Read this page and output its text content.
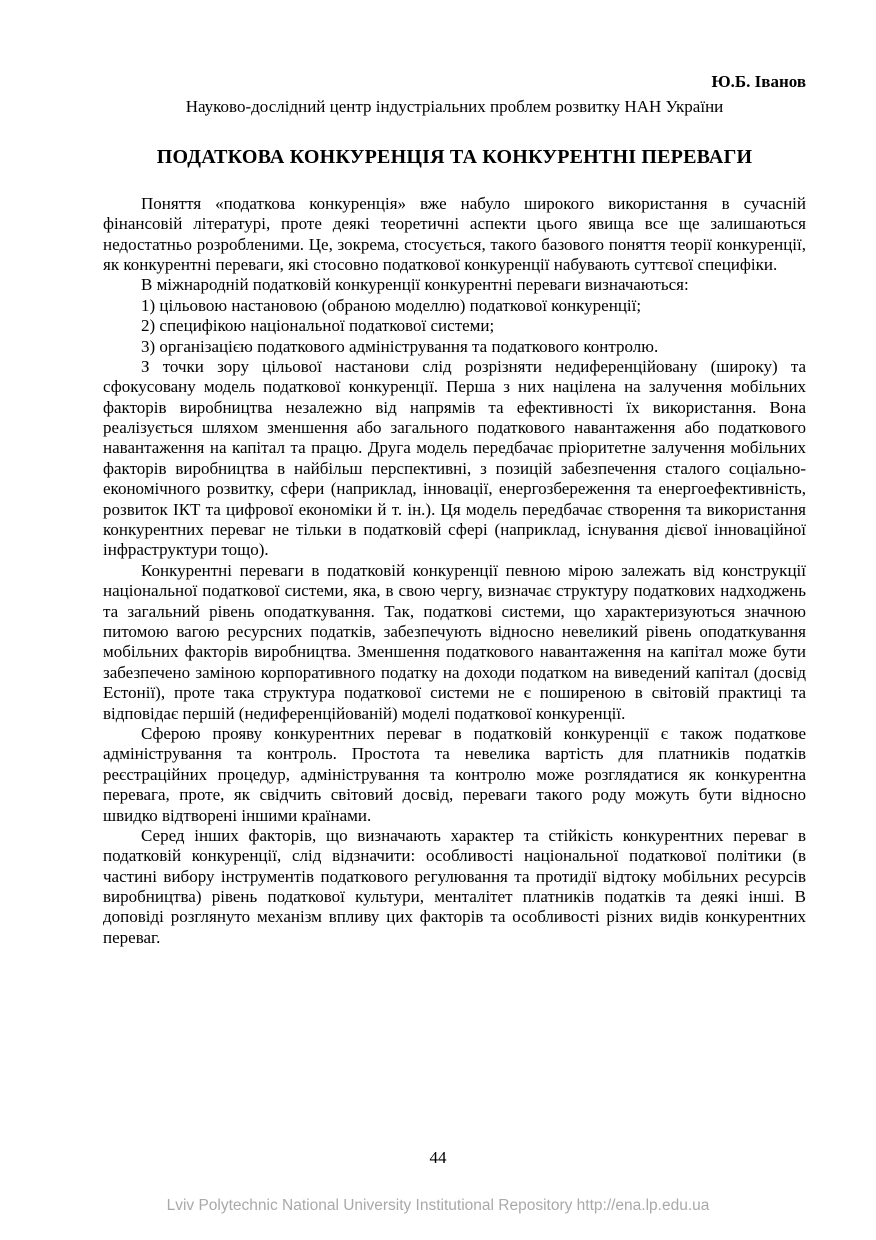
Ю.Б. Іванов
Науково-дослідний центр індустріальних проблем розвитку НАН України
ПОДАТКОВА КОНКУРЕНЦІЯ ТА КОНКУРЕНТНІ ПЕРЕВАГИ

Поняття «податкова конкуренція» вже набуло широкого використання в сучасній фінансовій літературі, проте деякі теоретичні аспекти цього явища все ще залишаються недостатньо розробленими. Це, зокрема, стосується, такого базового поняття теорії конкуренції, як конкурентні переваги, які стосовно податкової конкуренції набувають суттєвої специфіки.

В міжнародній податковій конкуренції конкурентні переваги визначаються:

1) цільовою настановою (обраною моделлю) податкової конкуренції;

2) специфікою національної податкової системи;

3) організацією податкового адміністрування та податкового контролю.

З точки зору цільової настанови слід розрізняти недиференційовану (широку) та сфокусовану модель податкової конкуренції. Перша з них націлена на залучення мобільних факторів виробництва незалежно від напрямів та ефективності їх використання. Вона реалізується шляхом зменшення або загального податкового навантаження або податкового навантаження на капітал та працю. Друга модель передбачає пріоритетне залучення мобільних факторів виробництва в найбільш перспективні, з позицій забезпечення сталого соціально-економічного розвитку, сфери (наприклад, інновації, енергозбереження та енергоефективність, розвиток ІКТ та цифрової економіки й т. ін.). Ця модель передбачає створення та використання конкурентних переваг не тільки в податковій сфері (наприклад, існування дієвої інноваційної інфраструктури тощо).

Конкурентні переваги в податковій конкуренції певною мірою залежать від конструкції національної податкової системи, яка, в свою чергу, визначає структуру податкових надходжень та загальний рівень оподаткування. Так, податкові системи, що характеризуються значною питомою вагою ресурсних податків, забезпечують відносно невеликий рівень оподаткування мобільних факторів виробництва. Зменшення податкового навантаження на капітал може бути забезпечено заміною корпоративного податку на доходи податком на виведений капітал (досвід Естонії), проте така структура податкової системи не є поширеною в світовій практиці та відповідає першій (недиференційованій) моделі податкової конкуренції.

Сферою прояву конкурентних переваг в податковій конкуренції є також податкове адміністрування та контроль. Простота та невелика вартість для платників податків реєстраційних процедур, адміністрування та контролю може розглядатися як конкурентна перевага, проте, як свідчить світовий досвід, переваги такого роду можуть бути відносно швидко відтворені іншими країнами.

Серед інших факторів, що визначають характер та стійкість конкурентних переваг в податковій конкуренції, слід відзначити: особливості національної податкової політики (в частині вибору інструментів податкового регулювання та протидії відтоку мобільних ресурсів виробництва) рівень податкової культури, менталітет платників податків та деякі інші. В доповіді розглянуто механізм впливу цих факторів та особливості різних видів конкурентних переваг.

44
Lviv Polytechnic National University Institutional Repository http://ena.lp.edu.ua
